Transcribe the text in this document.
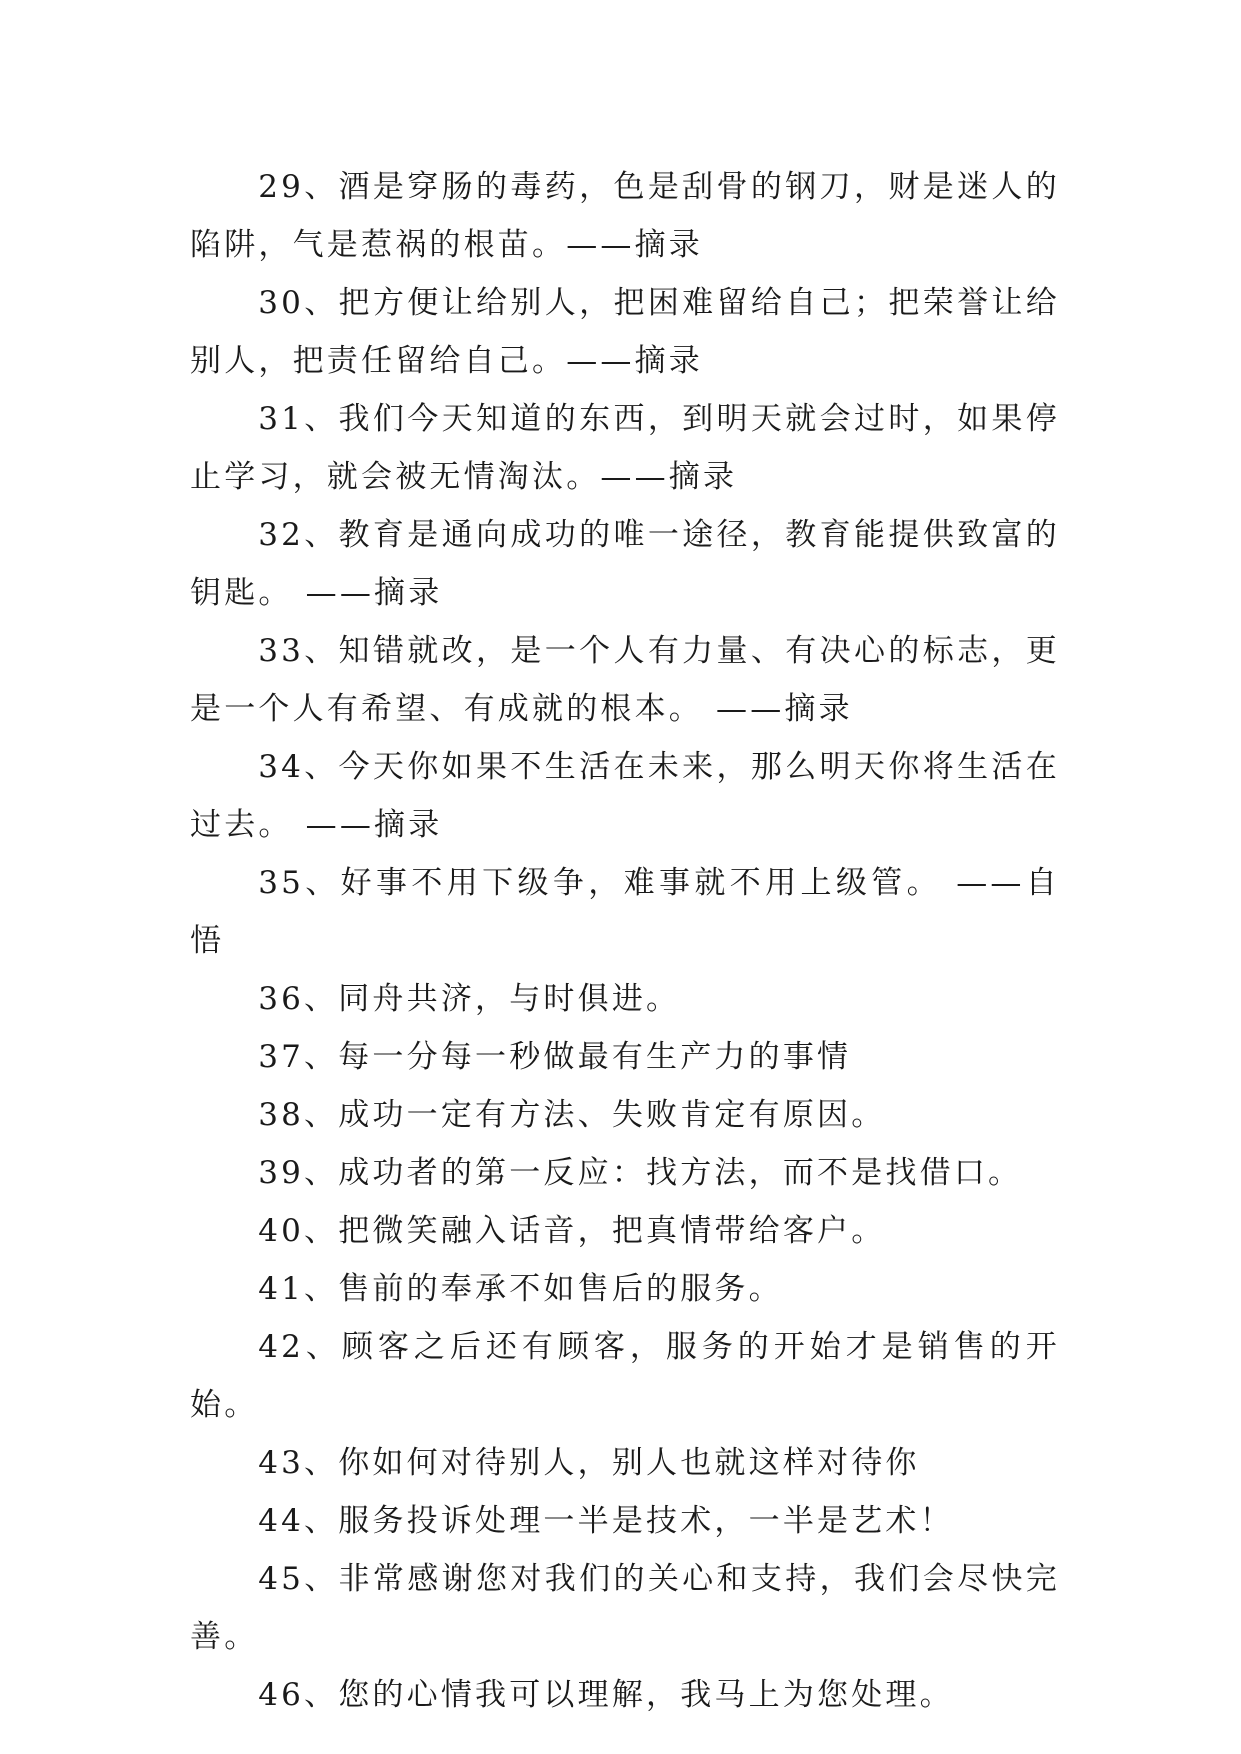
29、酒是穿肠的毒药，色是刮骨的钢刀，财是迷人的陷阱，气是惹祸的根苗。——摘录

30、把方便让给别人，把困难留给自己；把荣誉让给别人，把责任留给自己。——摘录

31、我们今天知道的东西，到明天就会过时，如果停止学习，就会被无情淘汰。——摘录

32、教育是通向成功的唯一途径，教育能提供致富的钥匙。 ——摘录

33、知错就改，是一个人有力量、有决心的标志，更是一个人有希望、有成就的根本。 ——摘录

34、今天你如果不生活在未来，那么明天你将生活在过去。 ——摘录

35、好事不用下级争，难事就不用上级管。 ——自悟

36、同舟共济，与时俱进。

37、每一分每一秒做最有生产力的事情

38、成功一定有方法、失败肯定有原因。

39、成功者的第一反应：找方法，而不是找借口。

40、把微笑融入话音，把真情带给客户。

41、售前的奉承不如售后的服务。

42、顾客之后还有顾客，服务的开始才是销售的开始。

43、你如何对待别人，别人也就这样对待你

44、服务投诉处理一半是技术，一半是艺术！

45、非常感谢您对我们的关心和支持，我们会尽快完善。

46、您的心情我可以理解，我马上为您处理。
